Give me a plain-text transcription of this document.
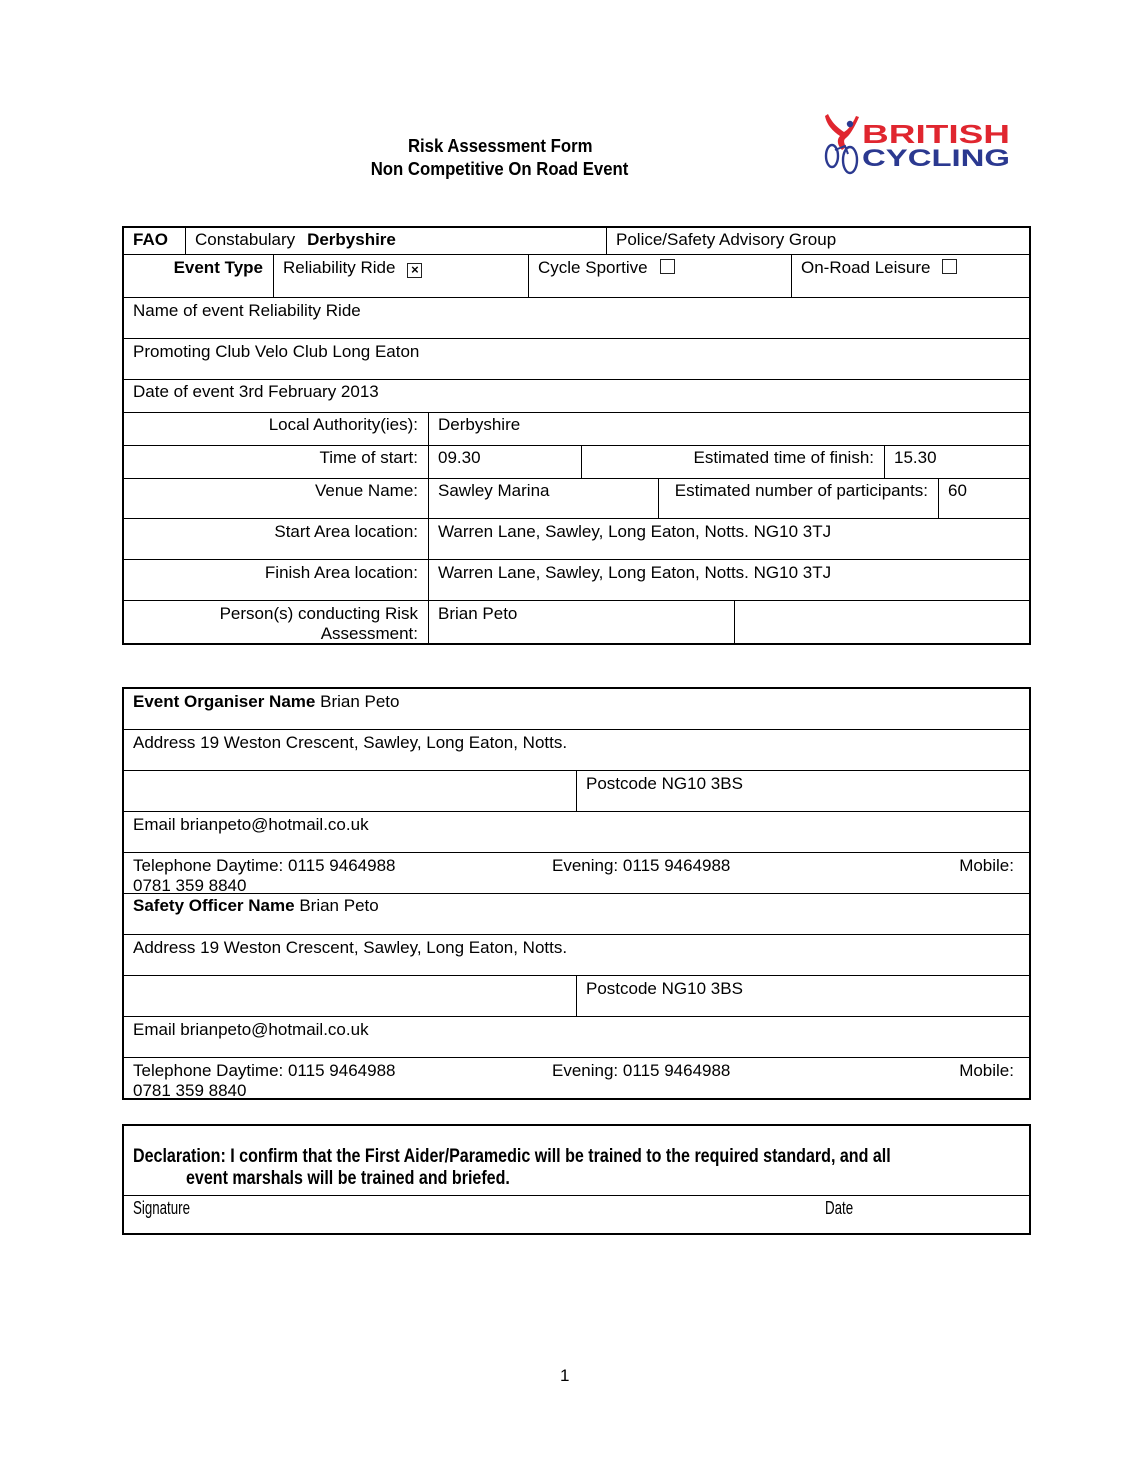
Risk Assessment Form
Non Competitive On Road Event
BRITISH
CYCLING
FAO	Constabulary Derbyshire	Police/Safety Advisory Group
Event Type	Reliability Ride ×	Cycle Sportive	On-Road Leisure
Name of event Reliability Ride
Promoting Club Velo Club Long Eaton
Date of event 3rd February 2013
Local Authority(ies):	Derbyshire
Time of start:	09.30	Estimated time of finish:	15.30
Venue Name:	Sawley Marina	Estimated number of participants:	60
Start Area location:	Warren Lane, Sawley, Long Eaton, Notts. NG10 3TJ
Finish Area location:	Warren Lane, Sawley, Long Eaton, Notts. NG10 3TJ
Person(s) conducting Risk Assessment:
Brian Peto
Event Organiser Name Brian Peto
Address 19 Weston Crescent, Sawley, Long Eaton, Notts.
Postcode NG10 3BS
Email brianpeto@hotmail.co.uk
Telephone Daytime: 0115 9464988	Evening: 0115 9464988	Mobile:
0781 359 8840
Safety Officer Name Brian Peto
Address 19 Weston Crescent, Sawley, Long Eaton, Notts.
Postcode NG10 3BS
Email brianpeto@hotmail.co.uk
Telephone Daytime: 0115 9464988	Evening: 0115 9464988	Mobile:
0781 359 8840
Declaration: I confirm that the First Aider/Paramedic will be trained to the required standard, and all
event marshals will be trained and briefed.
Signature	Date
1
